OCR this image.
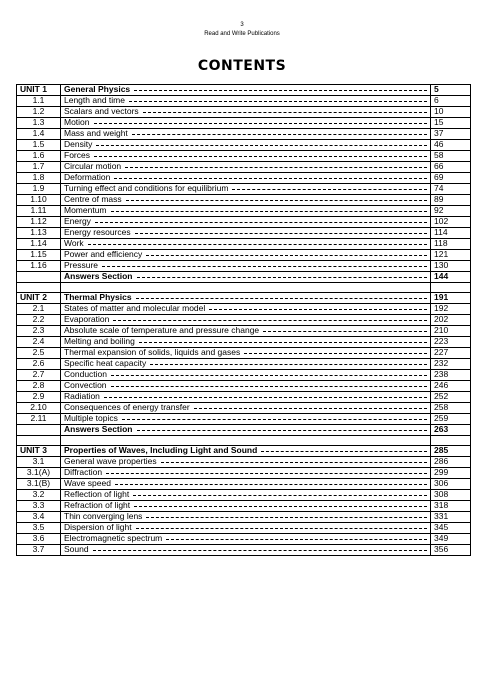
3
Read and Write Publications
CONTENTS
UNIT 1	General Physics	5
1.1	Length and time	6
1.2	Scalars and vectors	10
1.3	Motion	15
1.4	Mass and weight	37
1.5	Density	46
1.6	Forces	58
1.7	Circular motion	66
1.8	Deformation	69
1.9	Turning effect and conditions for equilibrium	74
1.10	Centre of mass	89
1.11	Momentum	92
1.12	Energy	102
1.13	Energy resources	114
1.14	Work	118
1.15	Power and efficiency	121
1.16	Pressure	130

	Answers Section	144

UNIT 2	Thermal Physics	191
2.1	States of matter and molecular model	192
2.2	Evaporation	202
2.3	Absolute scale of temperature and pressure change	210
2.4	Melting and boiling	223
2.5	Thermal expansion of solids, liquids and gases	227
2.6	Specific heat capacity	232
2.7	Conduction	238
2.8	Convection	246
2.9	Radiation	252
2.10	Consequences of energy transfer	258
2.11	Multiple topics	259

	Answers Section	263

UNIT 3	Properties of Waves, Including Light and Sound	285
3.1	General wave properties	286
3.1(A)	Diffraction	299
3.1(B)	Wave speed	306
3.2	Reflection of light	308
3.3	Refraction of light	318
3.4	Thin converging lens	331
3.5	Dispersion of light	345
3.6	Electromagnetic spectrum	349
3.7	Sound	356
